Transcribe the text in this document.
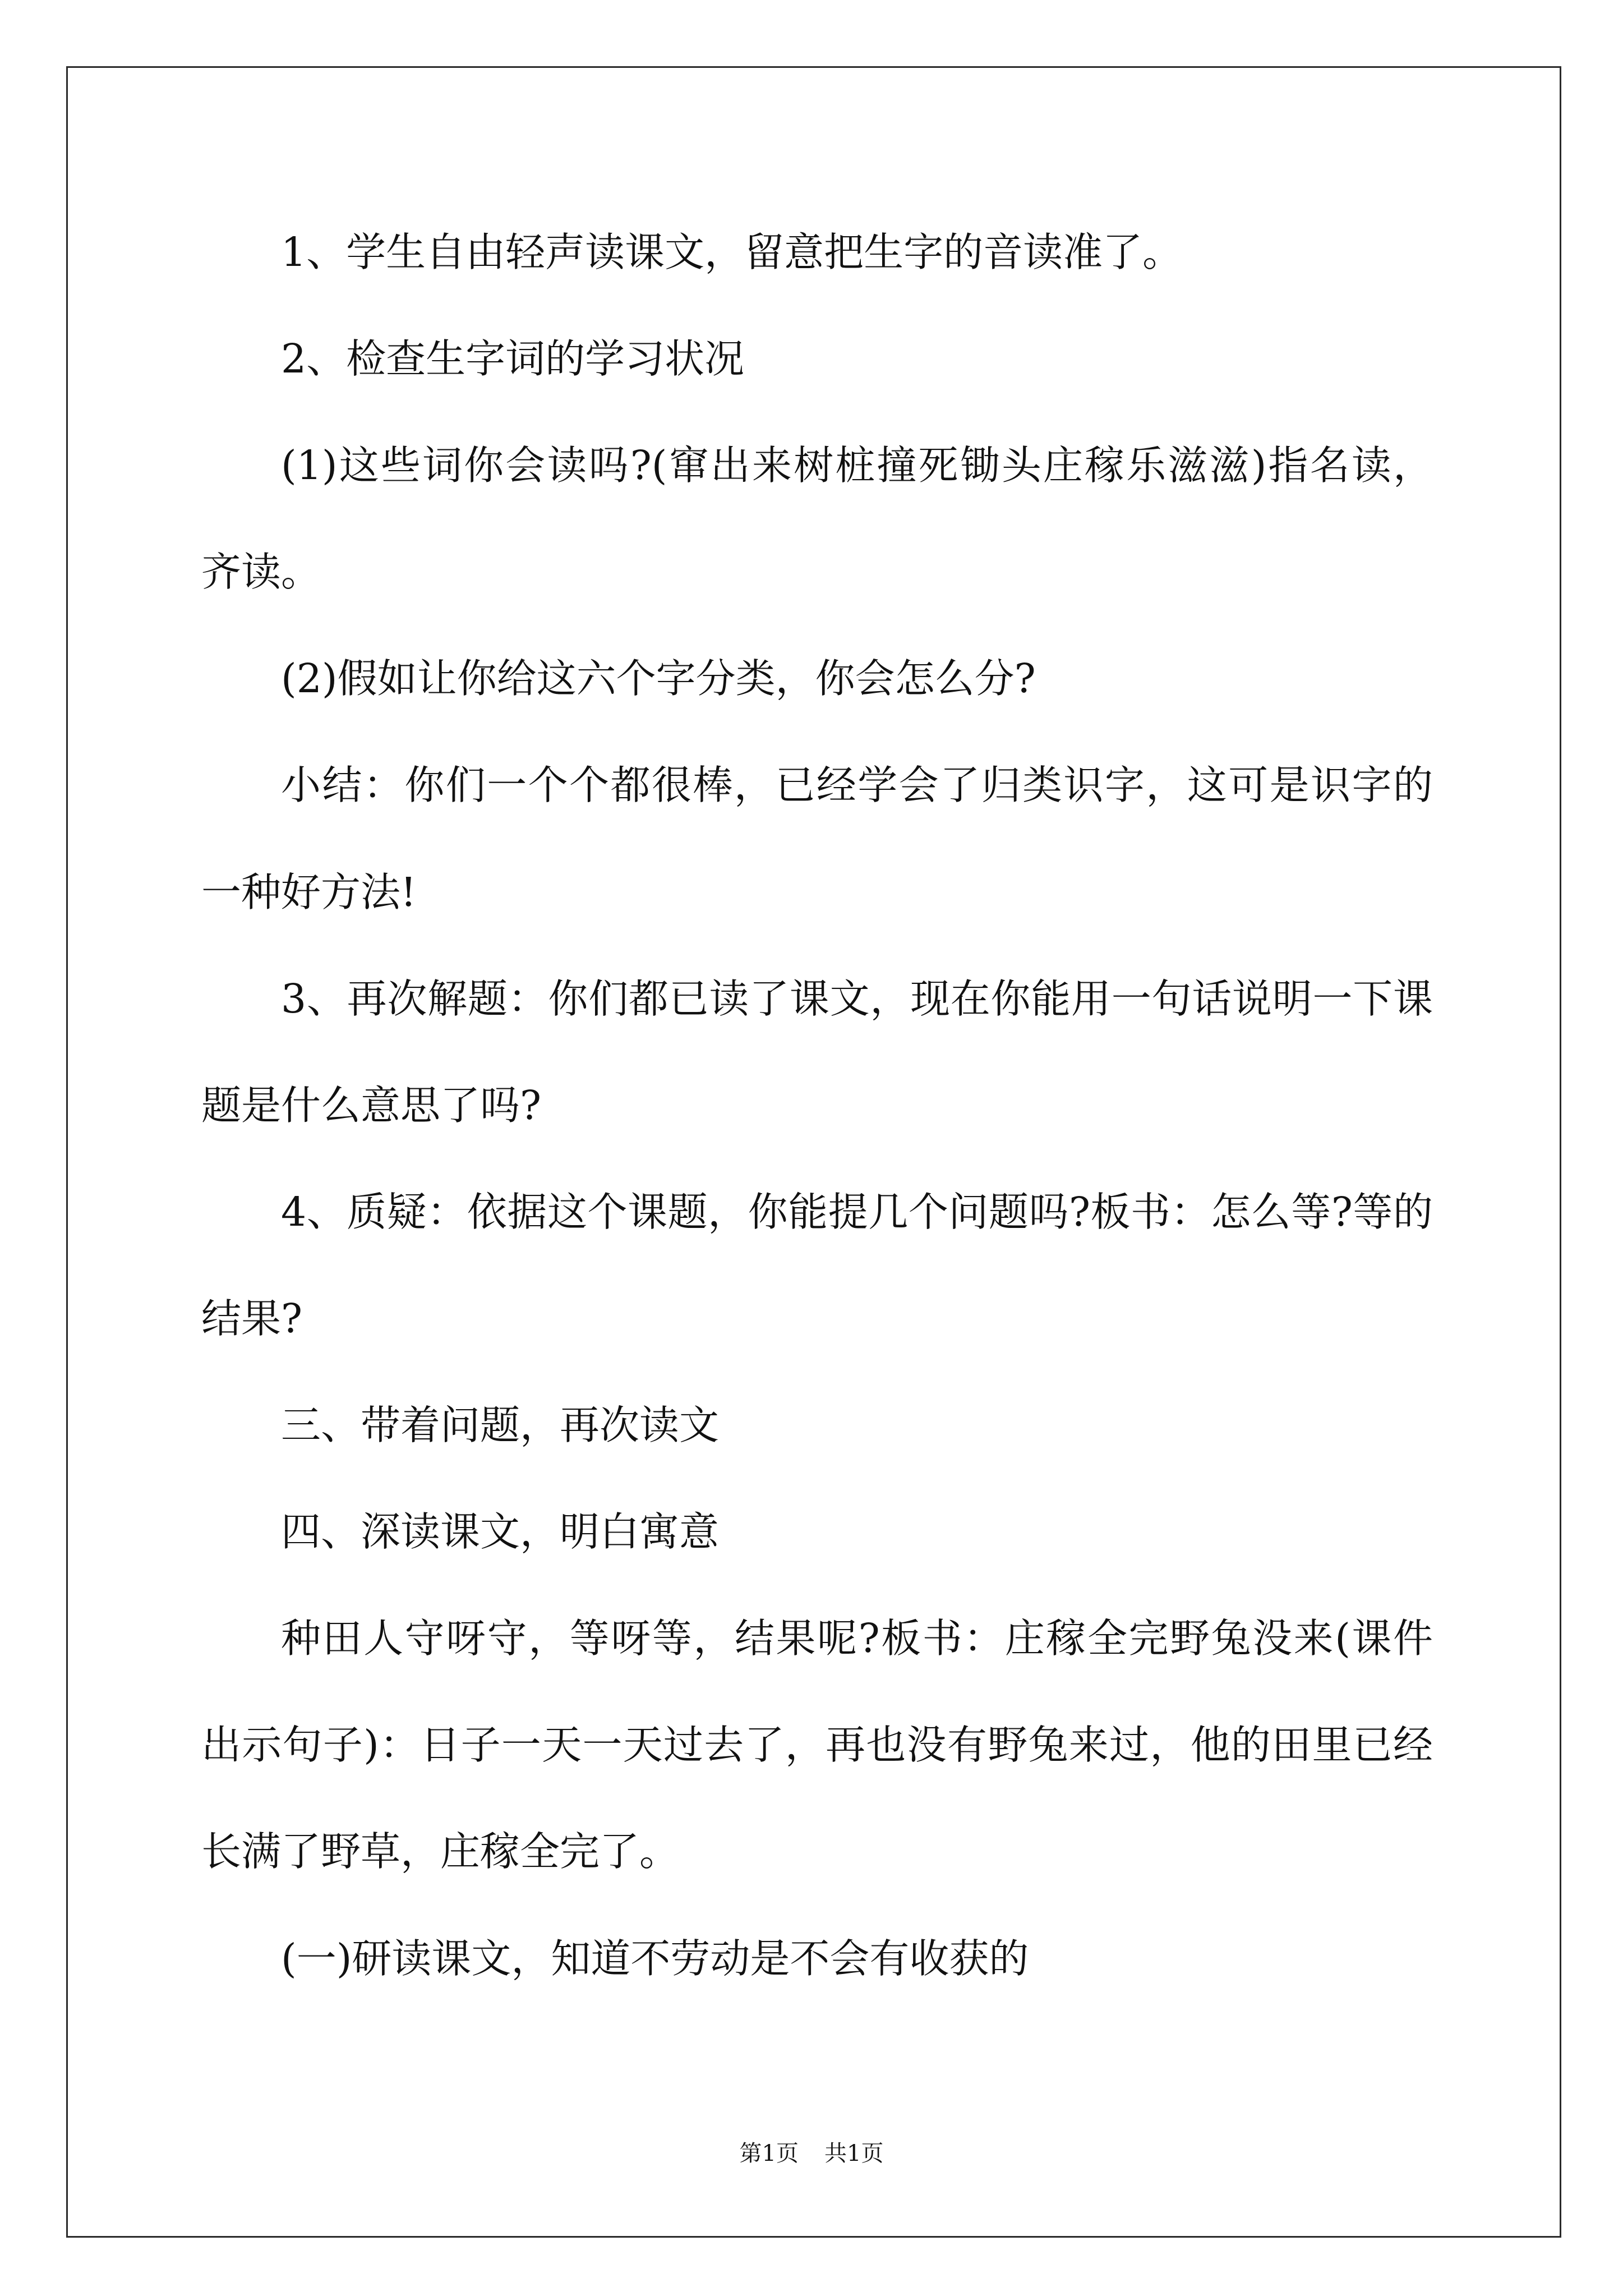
1、学生自由轻声读课文，留意把生字的音读准了。
2、检查生字词的学习状况
(1)这些词你会读吗?(窜出来树桩撞死锄头庄稼乐滋滋)指名读，
齐读。
(2)假如让你给这六个字分类，你会怎么分?
小结：你们一个个都很棒，已经学会了归类识字，这可是识字的
一种好方法!
3、再次解题：你们都已读了课文，现在你能用一句话说明一下课
题是什么意思了吗?
4、质疑：依据这个课题，你能提几个问题吗?板书：怎么等?等的
结果?
三、带着问题，再次读文
四、深读课文，明白寓意
种田人守呀守，等呀等，结果呢?板书：庄稼全完野兔没来(课件
出示句子)：日子一天一天过去了，再也没有野兔来过，他的田里已经
长满了野草，庄稼全完了。
(一)研读课文，知道不劳动是不会有收获的
第1页 共1页
